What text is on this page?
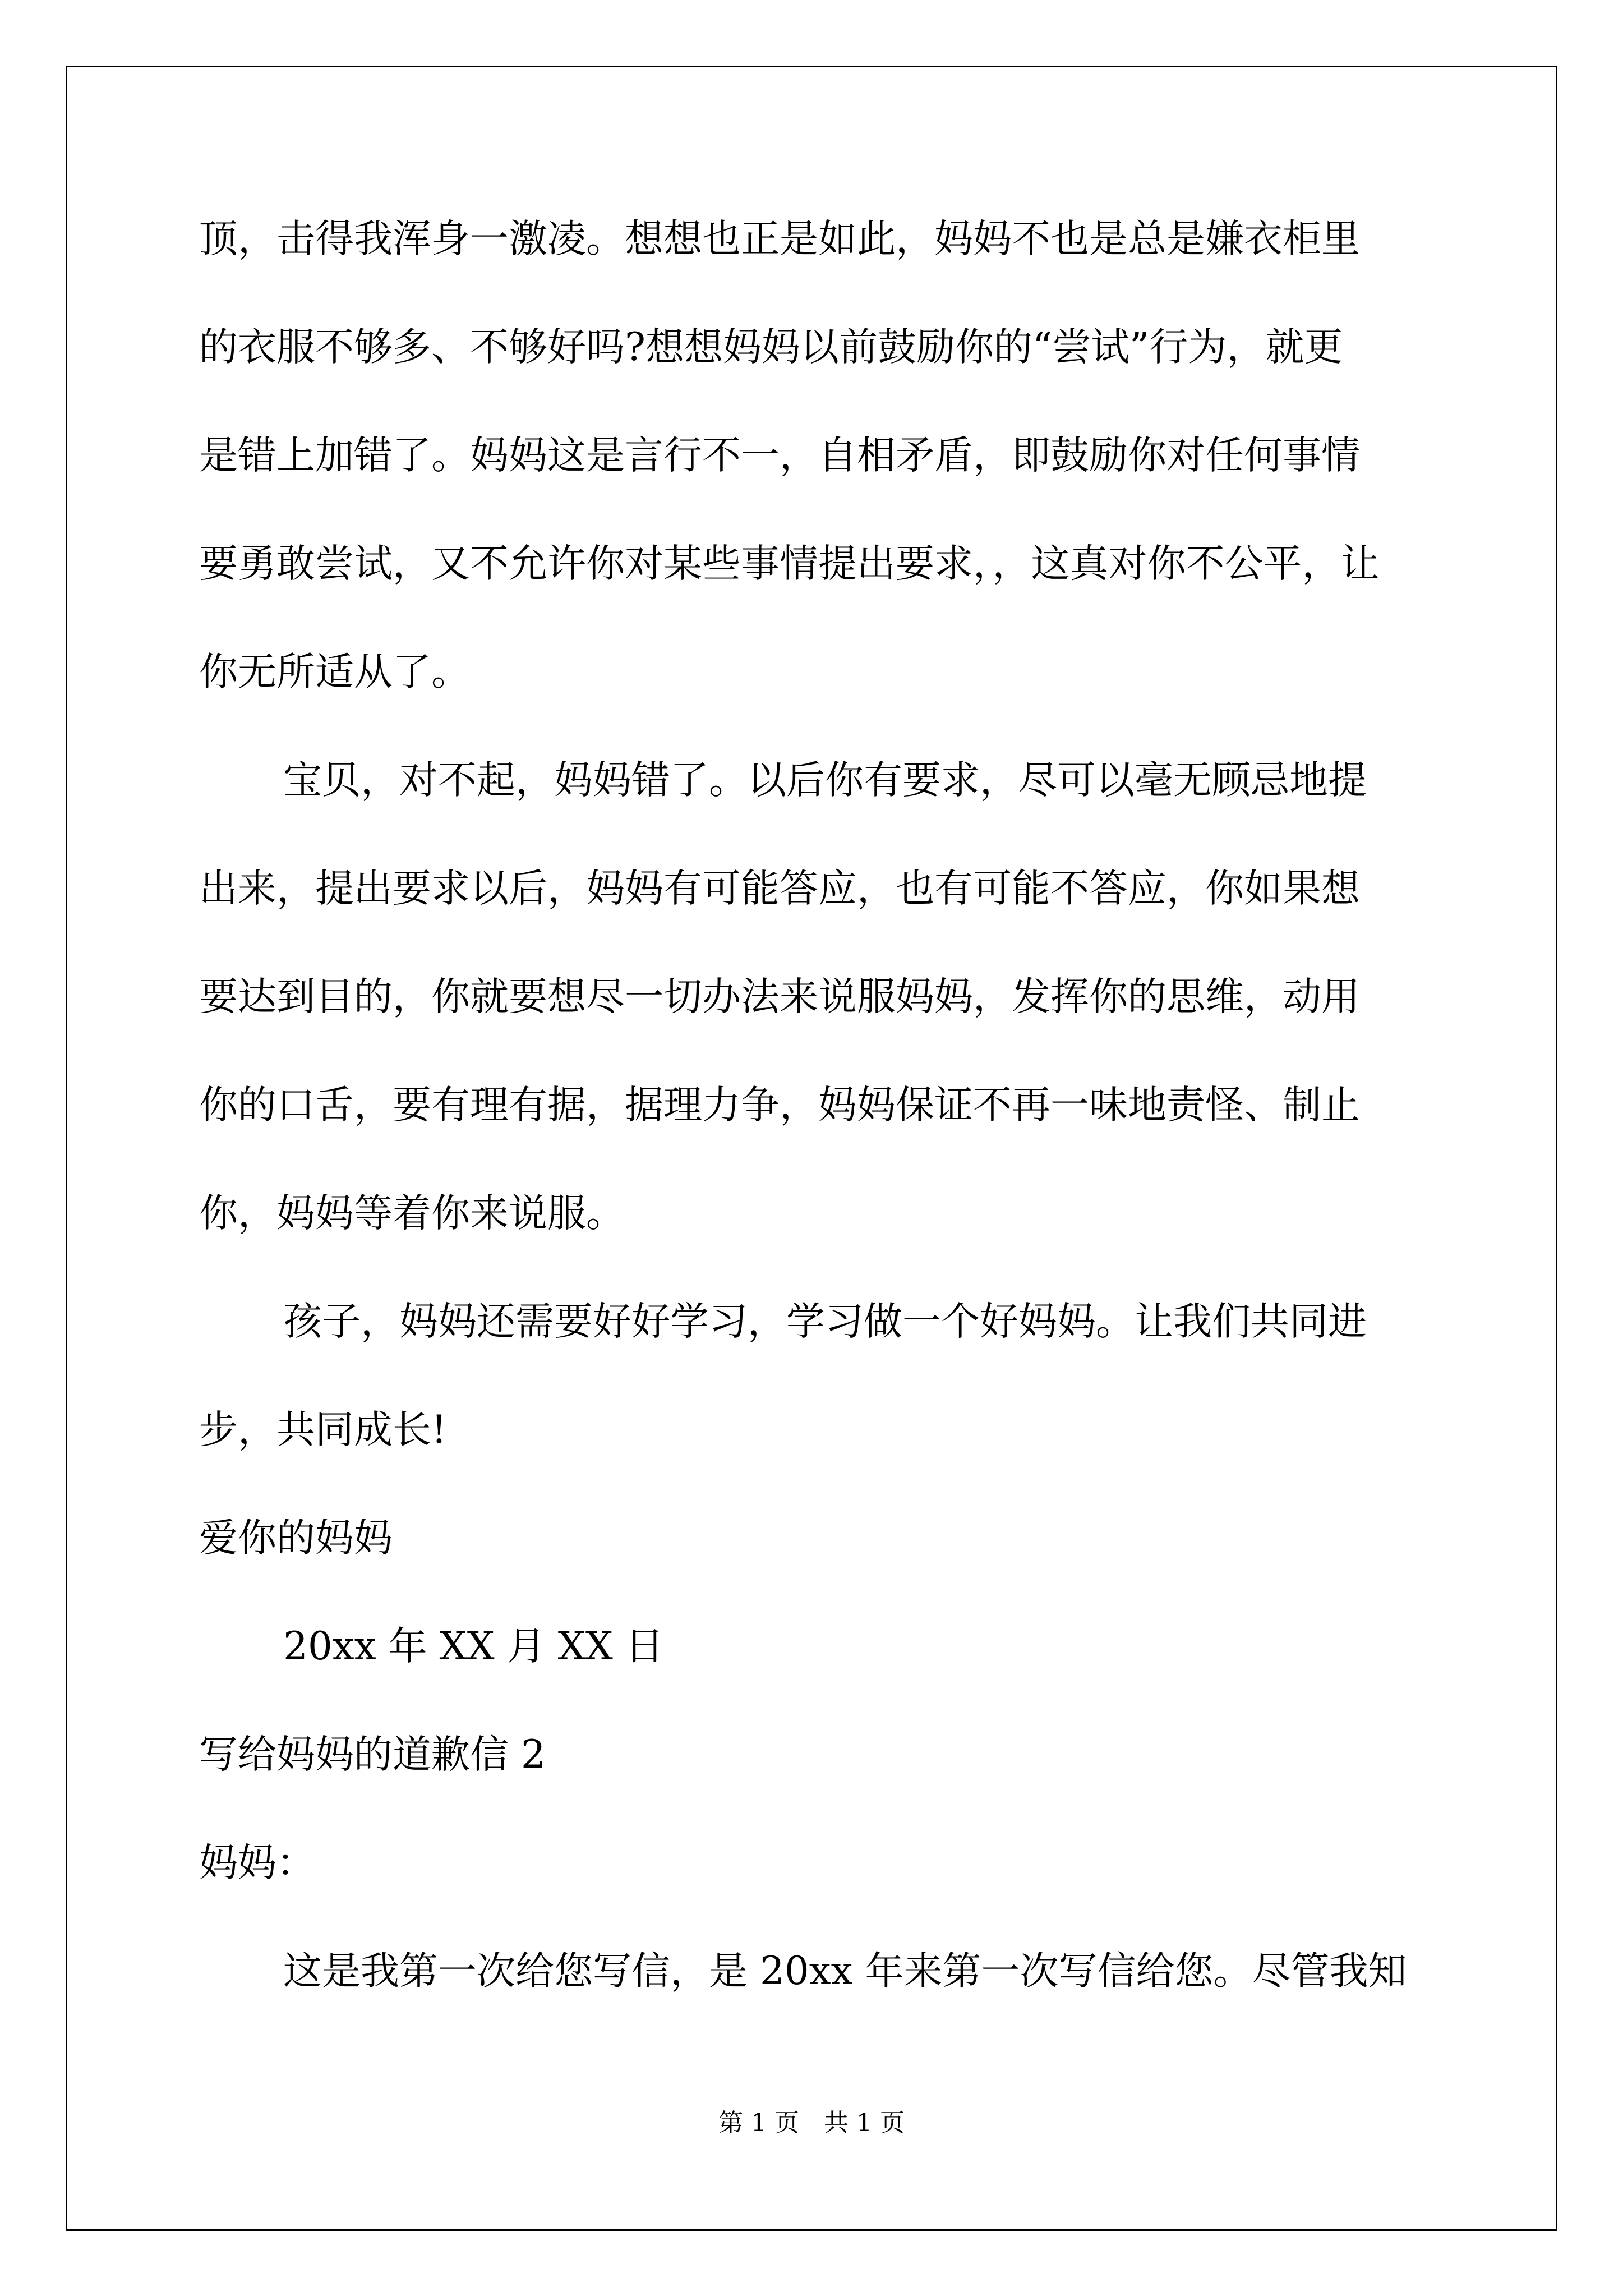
顶，击得我浑身一激凌。想想也正是如此，妈妈不也是总是嫌衣柜里
的衣服不够多、不够好吗?想想妈妈以前鼓励你的“尝试”行为，就更
是错上加错了。妈妈这是言行不一，自相矛盾，即鼓励你对任何事情
要勇敢尝试，又不允许你对某些事情提出要求，，这真对你不公平，让
你无所适从了。
宝贝，对不起，妈妈错了。以后你有要求，尽可以毫无顾忌地提
出来，提出要求以后，妈妈有可能答应，也有可能不答应，你如果想
要达到目的，你就要想尽一切办法来说服妈妈，发挥你的思维，动用
你的口舌，要有理有据，据理力争，妈妈保证不再一味地责怪、制止
你，妈妈等着你来说服。
孩子，妈妈还需要好好学习，学习做一个好妈妈。让我们共同进
步，共同成长!
爱你的妈妈
20xx 年 XX 月 XX 日
写给妈妈的道歉信 2
妈妈：
这是我第一次给您写信，是 20xx 年来第一次写信给您。尽管我知
第 1 页　共 1 页
